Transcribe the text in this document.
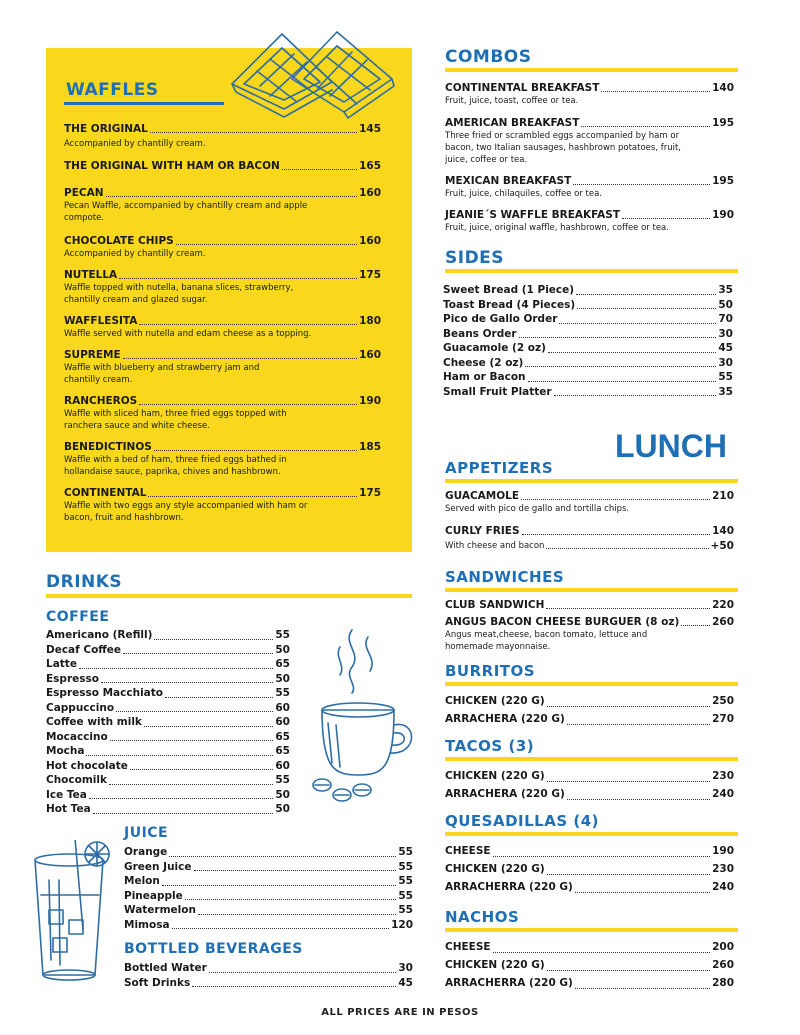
WAFFLES
THE ORIGINAL	145
Accompanied by chantilly cream.
THE ORIGINAL WITH HAM OR BACON	165
PECAN	160
Pecan Waffle, accompanied by chantilly cream and apple compote.
CHOCOLATE CHIPS	160
Accompanied by chantilly cream.
NUTELLA	175
Waffle topped with nutella, banana slices, strawberry, chantilly cream and glazed sugar.
WAFFLESITA	180
Waffle served with nutella and edam cheese as a topping.
SUPREME	160
Waffle with blueberry and strawberry jam and chantilly cream.
RANCHEROS	190
Waffle with sliced ham, three fried eggs topped with ranchera sauce and white cheese.
BENEDICTINOS	185
Waffle with a bed of ham, three fried eggs bathed in hollandaise sauce, paprika, chives and hashbrown.
CONTINENTAL	175
Waffle with two eggs any style accompanied with ham or bacon, fruit and hashbrown.
DRINKS
COFFEE
Americano (Refill)	55
Decaf Coffee	50
Latte	65
Espresso	50
Espresso Macchiato	55
Cappuccino	60
Coffee with milk	60
Mocaccino	65
Mocha	65
Hot chocolate	60
Chocomilk	55
Ice Tea	50
Hot Tea	50
JUICE
Orange	55
Green Juice	55
Melon	55
Pineapple	55
Watermelon	55
Mimosa	120
BOTTLED BEVERAGES
Bottled Water	30
Soft Drinks	45
COMBOS
CONTINENTAL BREAKFAST	140
Fruit, juice, toast, coffee or tea.
AMERICAN BREAKFAST	195
Three fried or scrambled eggs accompanied by ham or bacon, two Italian sausages, hashbrown potatoes, fruit, juice, coffee or tea.
MEXICAN BREAKFAST	195
Fruit, juice, chilaquiles, coffee or tea.
JEANIE´S WAFFLE BREAKFAST	190
Fruit, juice, original waffle, hashbrown, coffee or tea.
SIDES
Sweet Bread (1 Piece)	35
Toast Bread (4 Pieces)	50
Pico de Gallo Order	70
Beans Order	30
Guacamole (2 oz)	45
Cheese (2 oz)	30
Ham or Bacon	55
Small Fruit Platter	35
LUNCH
APPETIZERS
GUACAMOLE	210
Served with pico de gallo and tortilla chips.
CURLY FRIES	140
With cheese and bacon	+50
SANDWICHES
CLUB SANDWICH	220
ANGUS BACON CHEESE BURGUER (8 oz)	260
Angus meat,cheese, bacon tomato, lettuce and homemade mayonnaise.
BURRITOS
CHICKEN (220 G)	250
ARRACHERA (220 G)	270
TACOS (3)
CHICKEN (220 G)	230
ARRACHERA (220 G)	240
QUESADILLAS (4)
CHEESE	190
CHICKEN (220 G)	230
ARRACHERRA (220 G)	240
NACHOS
CHEESE	200
CHICKEN (220 G)	260
ARRACHERRA (220 G)	280
ALL PRICES ARE IN PESOS
